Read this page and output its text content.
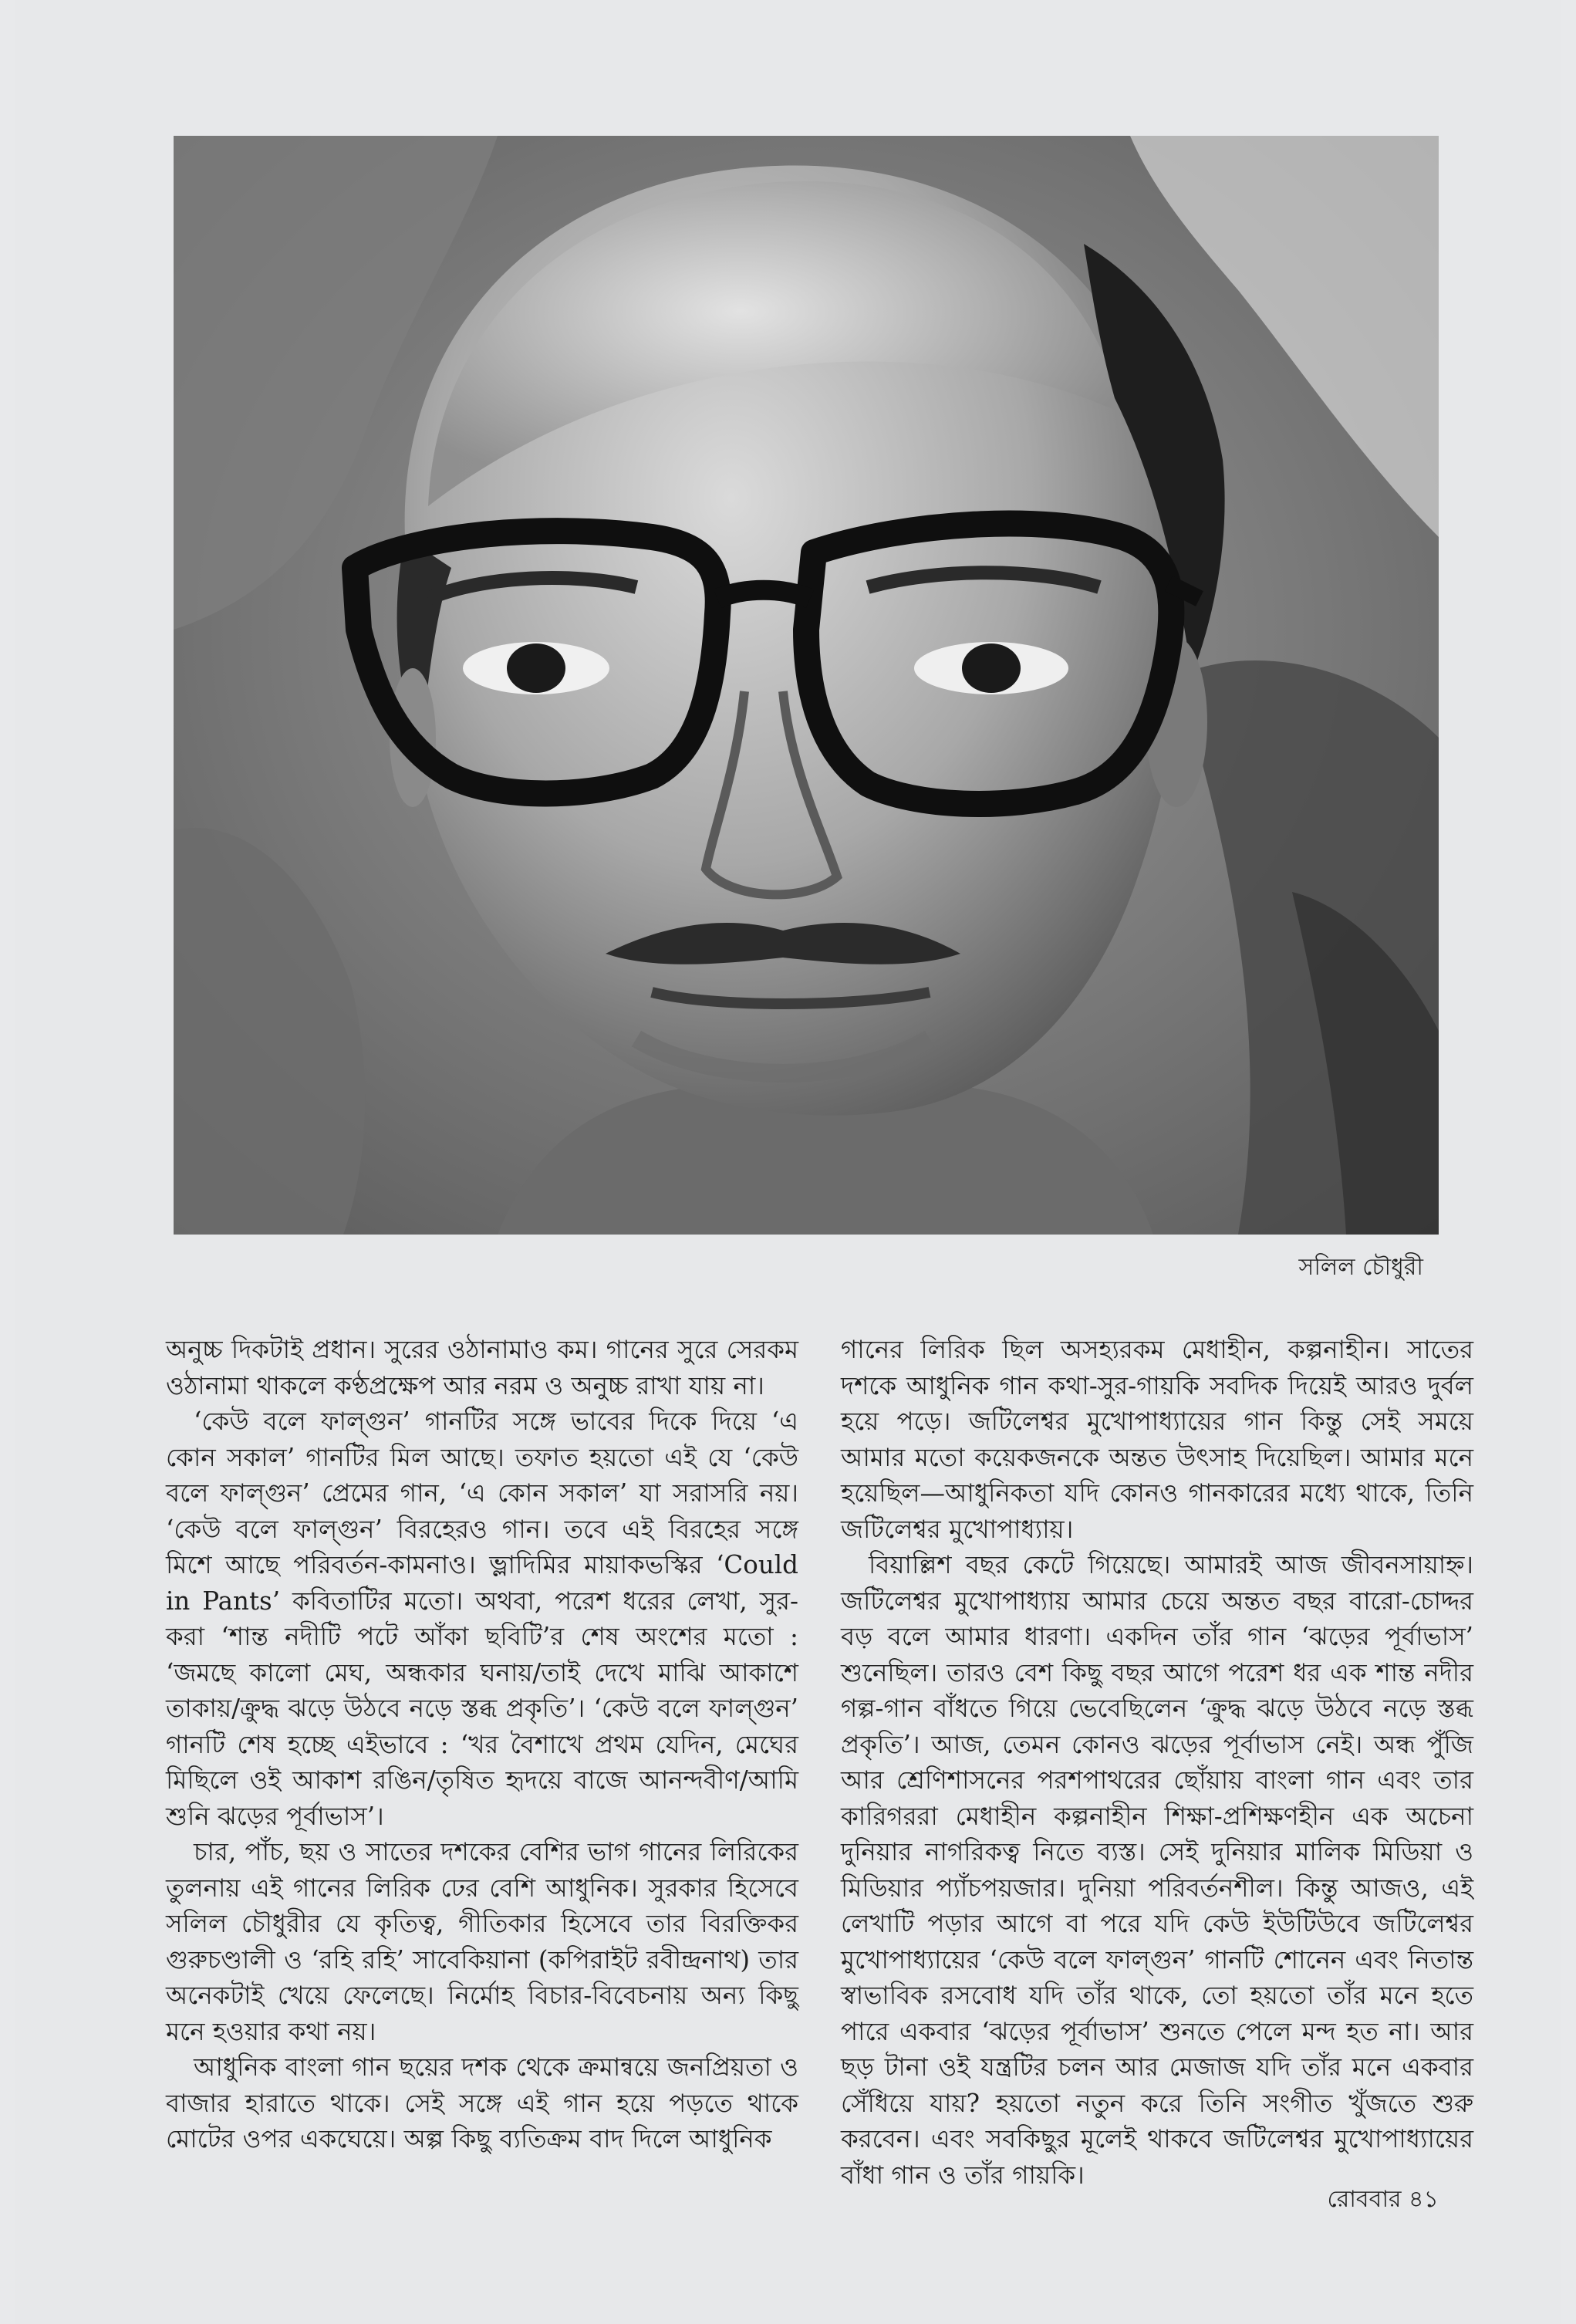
সলিল চৌধুরী

অনুচ্চ দিকটাই প্রধান। সুরের ওঠানামাও কম। গানের সুরে সেরকম ওঠানামা থাকলে কণ্ঠপ্রক্ষেপ আর নরম ও অনুচ্চ রাখা যায় না।

‘কেউ বলে ফাল্গুন’ গানটির সঙ্গে ভাবের দিকে দিয়ে ‘এ কোন সকাল’ গানটির মিল আছে। তফাত হয়তো এই যে ‘কেউ বলে ফাল্গুন’ প্রেমের গান, ‘এ কোন সকাল’ যা সরাসরি নয়। ‘কেউ বলে ফাল্গুন’ বিরহেরও গান। তবে এই বিরহের সঙ্গে মিশে আছে পরিবর্তন-কামনাও। ভ্লাদিমির মায়াকভস্কির ‘Could in Pants’ কবিতাটির মতো। অথবা, পরেশ ধরের লেখা, সুর-করা ‘শান্ত নদীটি পটে আঁকা ছবিটি’র শেষ অংশের মতো : ‘জমছে কালো মেঘ, অন্ধকার ঘনায়/তাই দেখে মাঝি আকাশে তাকায়/ক্রুদ্ধ ঝড়ে উঠবে নড়ে স্তব্ধ প্রকৃতি’। ‘কেউ বলে ফাল্গুন’ গানটি শেষ হচ্ছে এইভাবে : ‘খর বৈশাখে প্রথম যেদিন, মেঘের মিছিলে ওই আকাশ রঙিন/তৃষিত হৃদয়ে বাজে আনন্দবীণ/আমি শুনি ঝড়ের পূর্বাভাস’।

চার, পাঁচ, ছয় ও সাতের দশকের বেশির ভাগ গানের লিরিকের তুলনায় এই গানের লিরিক ঢের বেশি আধুনিক। সুরকার হিসেবে সলিল চৌধুরীর যে কৃতিত্ব, গীতিকার হিসেবে তার বিরক্তিকর গুরুচণ্ডালী ও ‘রহি রহি’ সাবেকিয়ানা (কপিরাইট রবীন্দ্রনাথ) তার অনেকটাই খেয়ে ফেলেছে। নির্মোহ বিচার-বিবেচনায় অন্য কিছু মনে হওয়ার কথা নয়।

আধুনিক বাংলা গান ছয়ের দশক থেকে ক্রমান্বয়ে জনপ্রিয়তা ও বাজার হারাতে থাকে। সেই সঙ্গে এই গান হয়ে পড়তে থাকে মোটের ওপর একঘেয়ে। অল্প কিছু ব্যতিক্রম বাদ দিলে আধুনিক

গানের লিরিক ছিল অসহ্যরকম মেধাহীন, কল্পনাহীন। সাতের দশকে আধুনিক গান কথা-সুর-গায়কি সবদিক দিয়েই আরও দুর্বল হয়ে পড়ে। জটিলেশ্বর মুখোপাধ্যায়ের গান কিন্তু সেই সময়ে আমার মতো কয়েকজনকে অন্তত উৎসাহ দিয়েছিল। আমার মনে হয়েছিল—আধুনিকতা যদি কোনও গানকারের মধ্যে থাকে, তিনি জটিলেশ্বর মুখোপাধ্যায়।

বিয়াল্লিশ বছর কেটে গিয়েছে। আমারই আজ জীবনসায়াহ্ন। জটিলেশ্বর মুখোপাধ্যায় আমার চেয়ে অন্তত বছর বারো-চোদ্দর বড় বলে আমার ধারণা। একদিন তাঁর গান ‘ঝড়ের পূর্বাভাস’ শুনেছিল। তারও বেশ কিছু বছর আগে পরেশ ধর এক শান্ত নদীর গল্প-গান বাঁধতে গিয়ে ভেবেছিলেন ‘ক্রুদ্ধ ঝড়ে উঠবে নড়ে স্তব্ধ প্রকৃতি’। আজ, তেমন কোনও ঝড়ের পূর্বাভাস নেই। অন্ধ পুঁজি আর শ্রেণিশাসনের পরশপাথরের ছোঁয়ায় বাংলা গান এবং তার কারিগররা মেধাহীন কল্পনাহীন শিক্ষা-প্রশিক্ষণহীন এক অচেনা দুনিয়ার নাগরিকত্ব নিতে ব্যস্ত। সেই দুনিয়ার মালিক মিডিয়া ও মিডিয়ার প্যাঁচপয়জার। দুনিয়া পরিবর্তনশীল। কিন্তু আজও, এই লেখাটি পড়ার আগে বা পরে যদি কেউ ইউটিউবে জটিলেশ্বর মুখোপাধ্যায়ের ‘কেউ বলে ফাল্গুন’ গানটি শোনেন এবং নিতান্ত স্বাভাবিক রসবোধ যদি তাঁর থাকে, তো হয়তো তাঁর মনে হতে পারে একবার ‘ঝড়ের পূর্বাভাস’ শুনতে পেলে মন্দ হত না। আর ছড় টানা ওই যন্ত্রটির চলন আর মেজাজ যদি তাঁর মনে একবার সেঁধিয়ে যায়? হয়তো নতুন করে তিনি সংগীত খুঁজতে শুরু করবেন। এবং সবকিছুর মূলেই থাকবে জটিলেশ্বর মুখোপাধ্যায়ের বাঁধা গান ও তাঁর গায়কি।

রোববার ৪১
